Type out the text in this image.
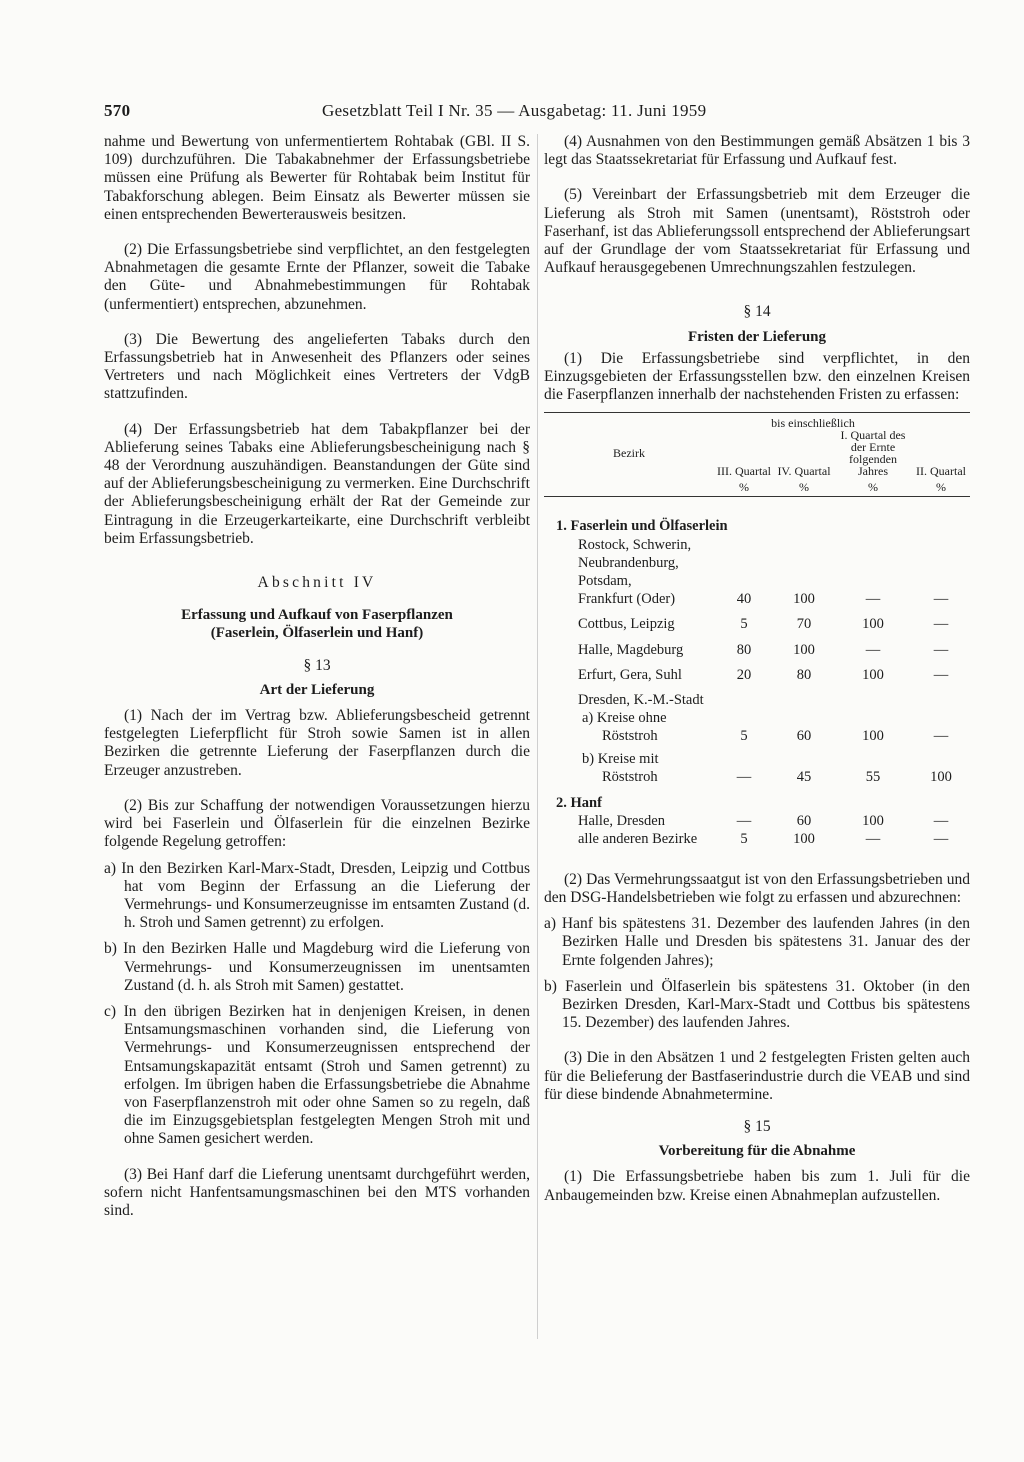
570	Gesetzblatt Teil I Nr. 35 — Ausgabetag: 11. Juni 1959

nahme und Bewertung von unfermentiertem Rohtabak (GBl. II S. 109) durchzuführen. Die Tabakabnehmer der Erfassungsbetriebe müssen eine Prüfung als Bewerter für Rohtabak beim Institut für Tabakforschung ablegen. Beim Einsatz als Bewerter müssen sie einen entsprechenden Bewerterausweis besitzen.

(2) Die Erfassungsbetriebe sind verpflichtet, an den festgelegten Abnahmetagen die gesamte Ernte der Pflanzer, soweit die Tabake den Güte- und Abnahmebestimmungen für Rohtabak (unfermentiert) entsprechen, abzunehmen.

(3) Die Bewertung des angelieferten Tabaks durch den Erfassungsbetrieb hat in Anwesenheit des Pflanzers oder seines Vertreters und nach Möglichkeit eines Vertreters der VdgB stattzufinden.

(4) Der Erfassungsbetrieb hat dem Tabakpflanzer bei der Ablieferung seines Tabaks eine Ablieferungsbescheinigung nach § 48 der Verordnung auszuhändigen. Beanstandungen der Güte sind auf der Ablieferungsbescheinigung zu vermerken. Eine Durchschrift der Ablieferungsbescheinigung erhält der Rat der Gemeinde zur Eintragung in die Erzeugerkarteikarte, eine Durchschrift verbleibt beim Erfassungsbetrieb.

Abschnitt IV
Erfassung und Aufkauf von Faserpflanzen
(Faserlein, Ölfaserlein und Hanf)
§ 13
Art der Lieferung

(1) Nach der im Vertrag bzw. Ablieferungsbescheid getrennt festgelegten Lieferpflicht für Stroh sowie Samen ist in allen Bezirken die getrennte Lieferung der Faserpflanzen durch die Erzeuger anzustreben.

(2) Bis zur Schaffung der notwendigen Voraussetzungen hierzu wird bei Faserlein und Ölfaserlein für die einzelnen Bezirke folgende Regelung getroffen:

a) In den Bezirken Karl-Marx-Stadt, Dresden, Leipzig und Cottbus hat vom Beginn der Erfassung an die Lieferung der Vermehrungs- und Konsumerzeugnisse im entsamten Zustand (d. h. Stroh und Samen getrennt) zu erfolgen.

b) In den Bezirken Halle und Magdeburg wird die Lieferung von Vermehrungs- und Konsumerzeugnissen im unentsamten Zustand (d. h. als Stroh mit Samen) gestattet.

c) In den übrigen Bezirken hat in denjenigen Kreisen, in denen Entsamungsmaschinen vorhanden sind, die Lieferung von Vermehrungs- und Konsumerzeugnissen entsprechend der Entsamungskapazität entsamt (Stroh und Samen getrennt) zu erfolgen. Im übrigen haben die Erfassungsbetriebe die Abnahme von Faserpflanzenstroh mit oder ohne Samen so zu regeln, daß die im Einzugsgebietsplan festgelegten Mengen Stroh mit und ohne Samen gesichert werden.

(3) Bei Hanf darf die Lieferung unentsamt durchgeführt werden, sofern nicht Hanfentsamungsmaschinen bei den MTS vorhanden sind.

(4) Ausnahmen von den Bestimmungen gemäß Absätzen 1 bis 3 legt das Staatssekretariat für Erfassung und Aufkauf fest.

(5) Vereinbart der Erfassungsbetrieb mit dem Erzeuger die Lieferung als Stroh mit Samen (unentsamt), Röststroh oder Faserhanf, ist das Ablieferungssoll entsprechend der Ablieferungsart auf der Grundlage der vom Staatssekretariat für Erfassung und Aufkauf herausgegebenen Umrechnungszahlen festzulegen.

§ 14
Fristen der Lieferung

(1) Die Erfassungsbetriebe sind verpflichtet, in den Einzugsgebieten der Erfassungsstellen bzw. den einzelnen Kreisen die Faserpflanzen innerhalb der nachstehenden Fristen zu erfassen:

	bis einschließlich			
Bezirk	III. Quartal	IV. Quartal	I. Quartal des der Ernte folgenden Jahres	II. Quartal
	%	%	%	%

1. Faserlein und Ölfaserlein				
Rostock, Schwerin,				
Neubrandenburg,				
Potsdam,				
Frankfurt (Oder)	40	100	—	—

Cottbus, Leipzig	5	70	100	—

Halle, Magdeburg	80	100	—	—

Erfurt, Gera, Suhl	20	80	100	—

Dresden, K.-M.-Stadt				
a) Kreise ohne				
Röststroh	5	60	100	—

b) Kreise mit				
Röststroh	—	45	55	100

2. Hanf				
Halle, Dresden	—	60	100	—
alle anderen Bezirke	5	100	—	—

(2) Das Vermehrungssaatgut ist von den Erfassungsbetrieben und den DSG-Handelsbetrieben wie folgt zu erfassen und abzurechnen:

a) Hanf bis spätestens 31. Dezember des laufenden Jahres (in den Bezirken Halle und Dresden bis spätestens 31. Januar des der Ernte folgenden Jahres);

b) Faserlein und Ölfaserlein bis spätestens 31. Oktober (in den Bezirken Dresden, Karl-Marx-Stadt und Cottbus bis spätestens 15. Dezember) des laufenden Jahres.

(3) Die in den Absätzen 1 und 2 festgelegten Fristen gelten auch für die Belieferung der Bastfaserindustrie durch die VEAB und sind für diese bindende Abnahmetermine.

§ 15
Vorbereitung für die Abnahme

(1) Die Erfassungsbetriebe haben bis zum 1. Juli für die Anbaugemeinden bzw. Kreise einen Abnahmeplan aufzustellen.
